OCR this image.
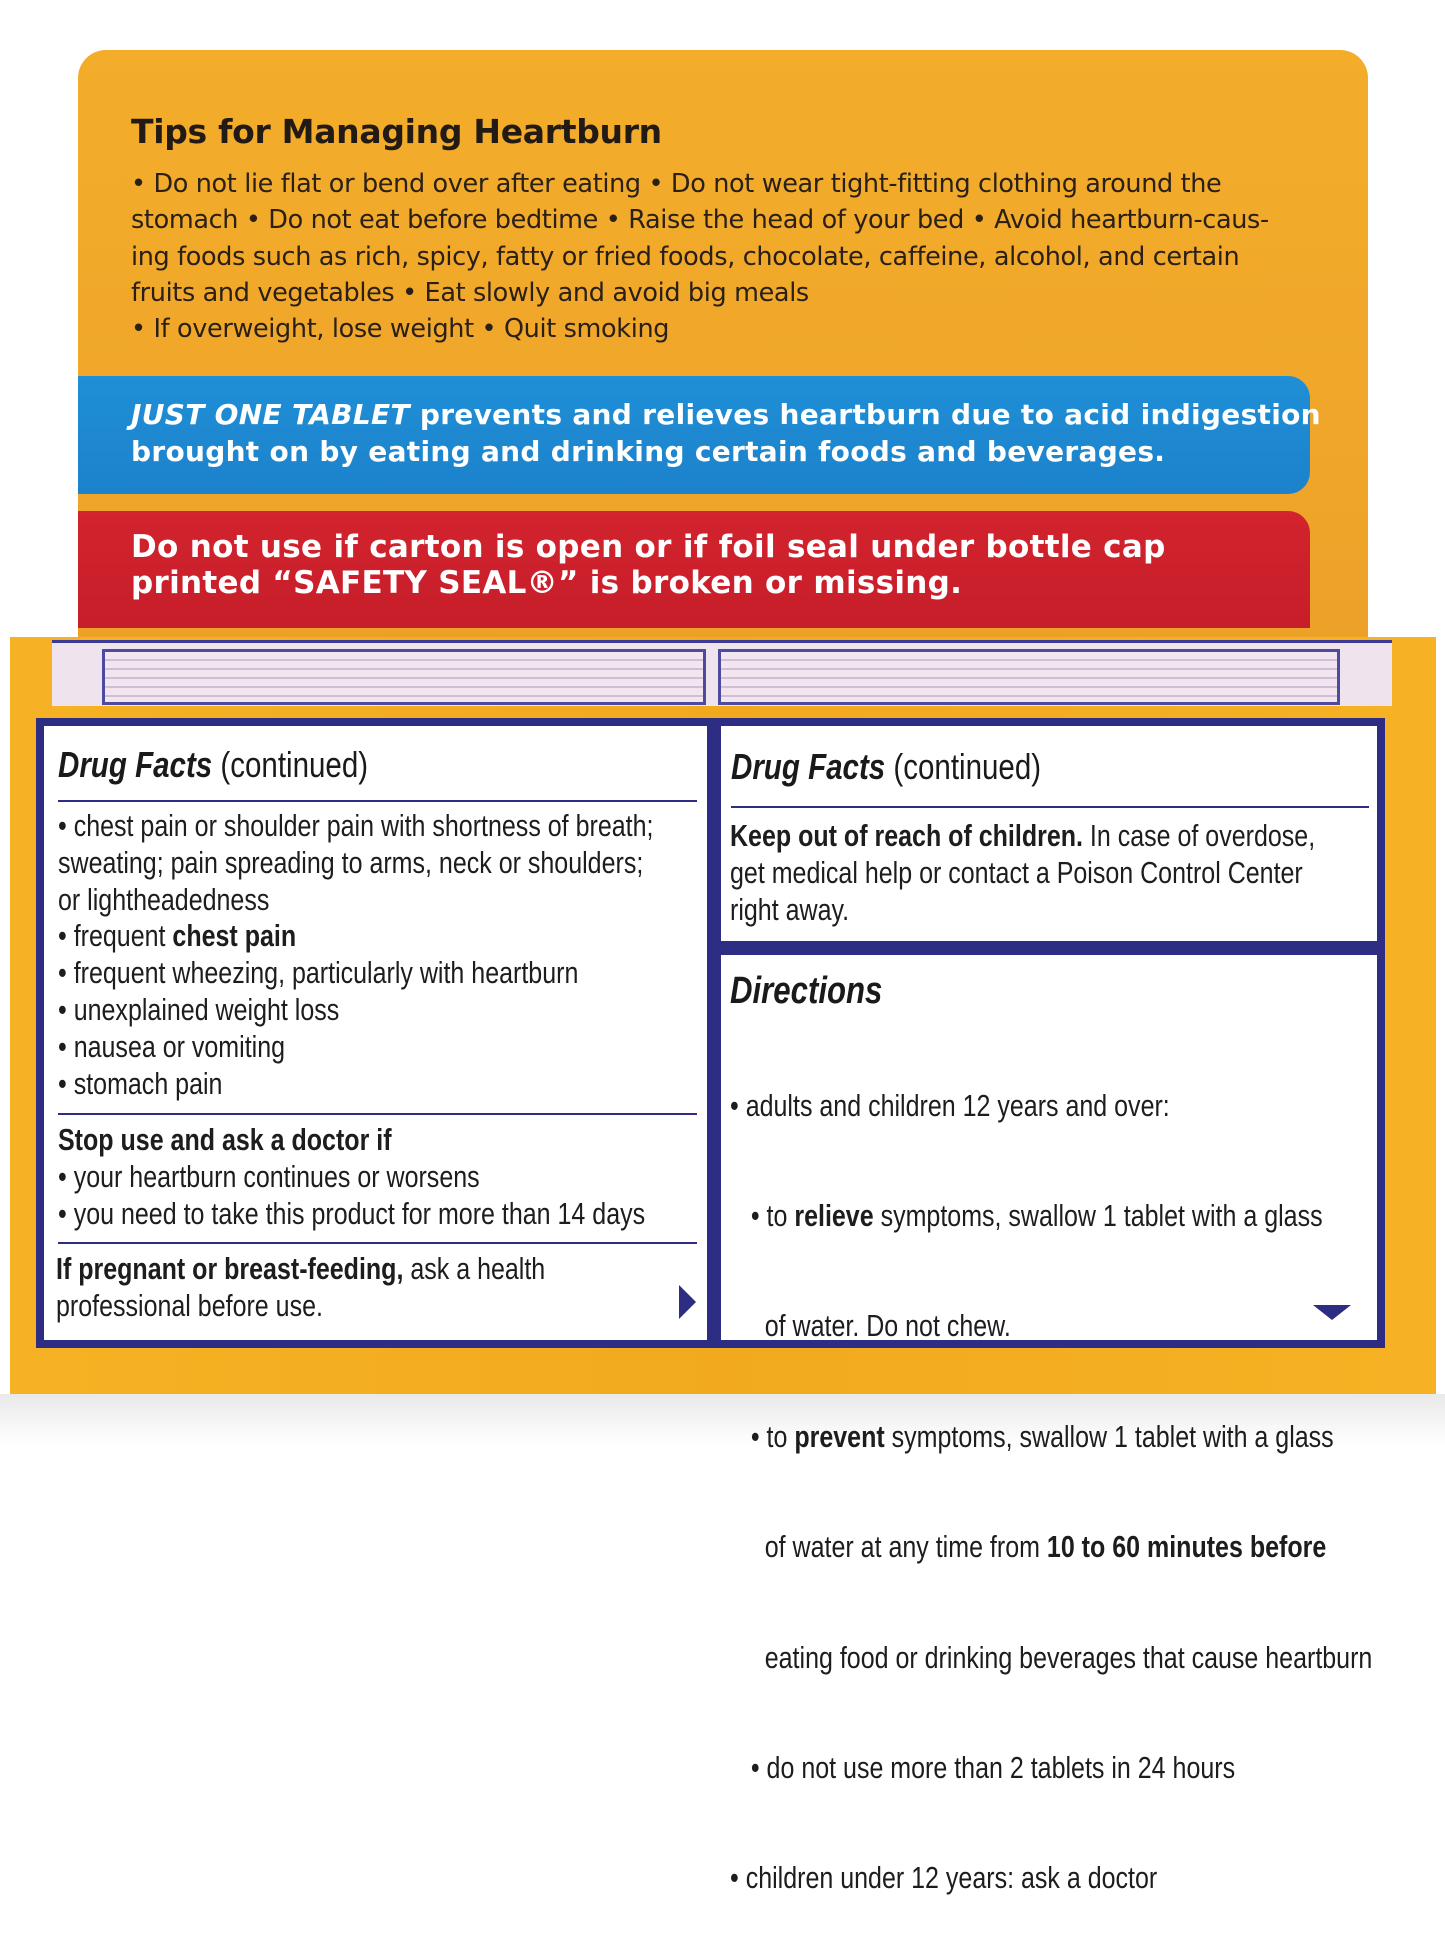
Tips for Managing Heartburn
• Do not lie flat or bend over after eating • Do not wear tight-fitting clothing around the
stomach • Do not eat before bedtime • Raise the head of your bed • Avoid heartburn-caus-
ing foods such as rich, spicy, fatty or fried foods, chocolate, caffeine, alcohol, and certain
fruits and vegetables • Eat slowly and avoid big meals
• If overweight, lose weight • Quit smoking
JUST ONE TABLET prevents and relieves heartburn due to acid indigestion
brought on by eating and drinking certain foods and beverages.
Do not use if carton is open or if foil seal under bottle cap
printed “SAFETY SEAL®” is broken or missing.
Drug Facts (continued)
• chest pain or shoulder pain with shortness of breath;
sweating; pain spreading to arms, neck or shoulders;
or lightheadedness
• frequent chest pain
• frequent wheezing, particularly with heartburn
• unexplained weight loss
• nausea or vomiting
• stomach pain
Stop use and ask a doctor if
• your heartburn continues or worsens
• you need to take this product for more than 14 days
If pregnant or breast-feeding, ask a health
professional before use.
Drug Facts (continued)
Keep out of reach of children. In case of overdose,
get medical help or contact a Poison Control Center
right away.
Directions

• adults and children 12 years and over:

• to relieve symptoms, swallow 1 tablet with a glass

of water. Do not chew.

• to prevent symptoms, swallow 1 tablet with a glass

of water at any time from 10 to 60 minutes before

eating food or drinking beverages that cause heartburn

• do not use more than 2 tablets in 24 hours

• children under 12 years: ask a doctor
